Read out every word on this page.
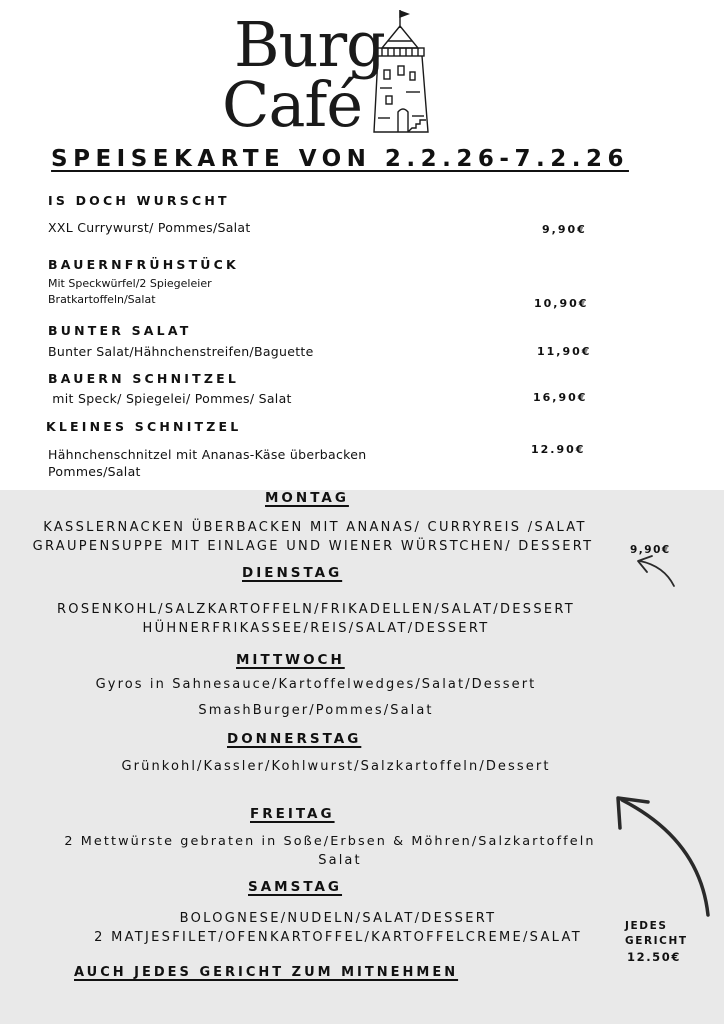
Burg
Café
SPEISEKARTE VON 2.2.26-7.2.26
IS DOCH WURSCHT
XXL Currywurst/ Pommes/Salat	9,90€
BAUERNFRÜHSTÜCK
Mit Speckwürfel/2 Spiegeleier
Bratkartoffeln/Salat	10,90€
BUNTER SALAT
Bunter Salat/Hähnchenstreifen/Baguette	11,90€
BAUERN SCHNITZEL
mit Speck/ Spiegelei/ Pommes/ Salat	16,90€
KLEINES SCHNITZEL
Hähnchenschnitzel mit Ananas-Käse überbacken
Pommes/Salat
12.90€
MONTAG
KASSLERNACKEN ÜBERBACKEN MIT ANANAS/ CURRYREIS /SALAT
GRAUPENSUPPE MIT EINLAGE UND WIENER WÜRSTCHEN/ DESSERT	9,90€
DIENSTAG
ROSENKOHL/SALZKARTOFFELN/FRIKADELLEN/SALAT/DESSERT
HÜHNERFRIKASSEE/REIS/SALAT/DESSERT
MITTWOCH
Gyros in Sahnesauce/Kartoffelwedges/Salat/Dessert
SmashBurger/Pommes/Salat
DONNERSTAG
Grünkohl/Kassler/Kohlwurst/Salzkartoffeln/Dessert
FREITAG
2 Mettwürste gebraten in Soße/Erbsen & Möhren/Salzkartoffeln
Salat
SAMSTAG
BOLOGNESE/NUDELN/SALAT/DESSERT
2 MATJESFILET/OFENKARTOFFEL/KARTOFFELCREME/SALAT
JEDES
GERICHT
12.50€
AUCH JEDES GERICHT ZUM MITNEHMEN
